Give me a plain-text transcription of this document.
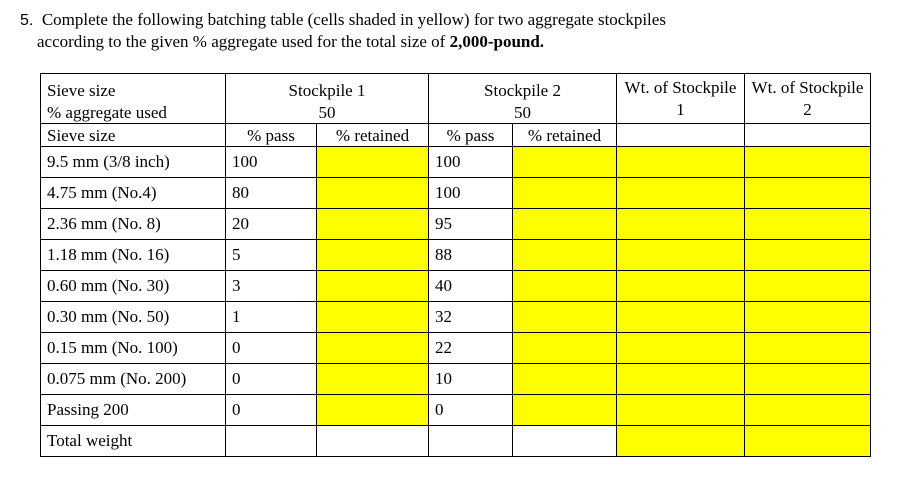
5. Complete the following batching table (cells shaded in yellow) for two aggregate stockpiles
according to the given % aggregate used for the total size of 2,000-pound.
Sieve size	Stockpile 1		Stockpile 2		Wt. of Stockpile 1	Wt. of Stockpile 2
% aggregate used	50		50			
Sieve size	% pass	% retained	% pass	% retained		
9.5 mm (3/8 inch)	100		100			
4.75 mm (No.4)	80		100			
2.36 mm (No. 8)	20		95			
1.18 mm (No. 16)	5		88			
0.60 mm (No. 30)	3		40			
0.30 mm (No. 50)	1		32			
0.15 mm (No. 100)	0		22			
0.075 mm (No. 200)	0		10			
Passing 200	0		0			
Total weight						
